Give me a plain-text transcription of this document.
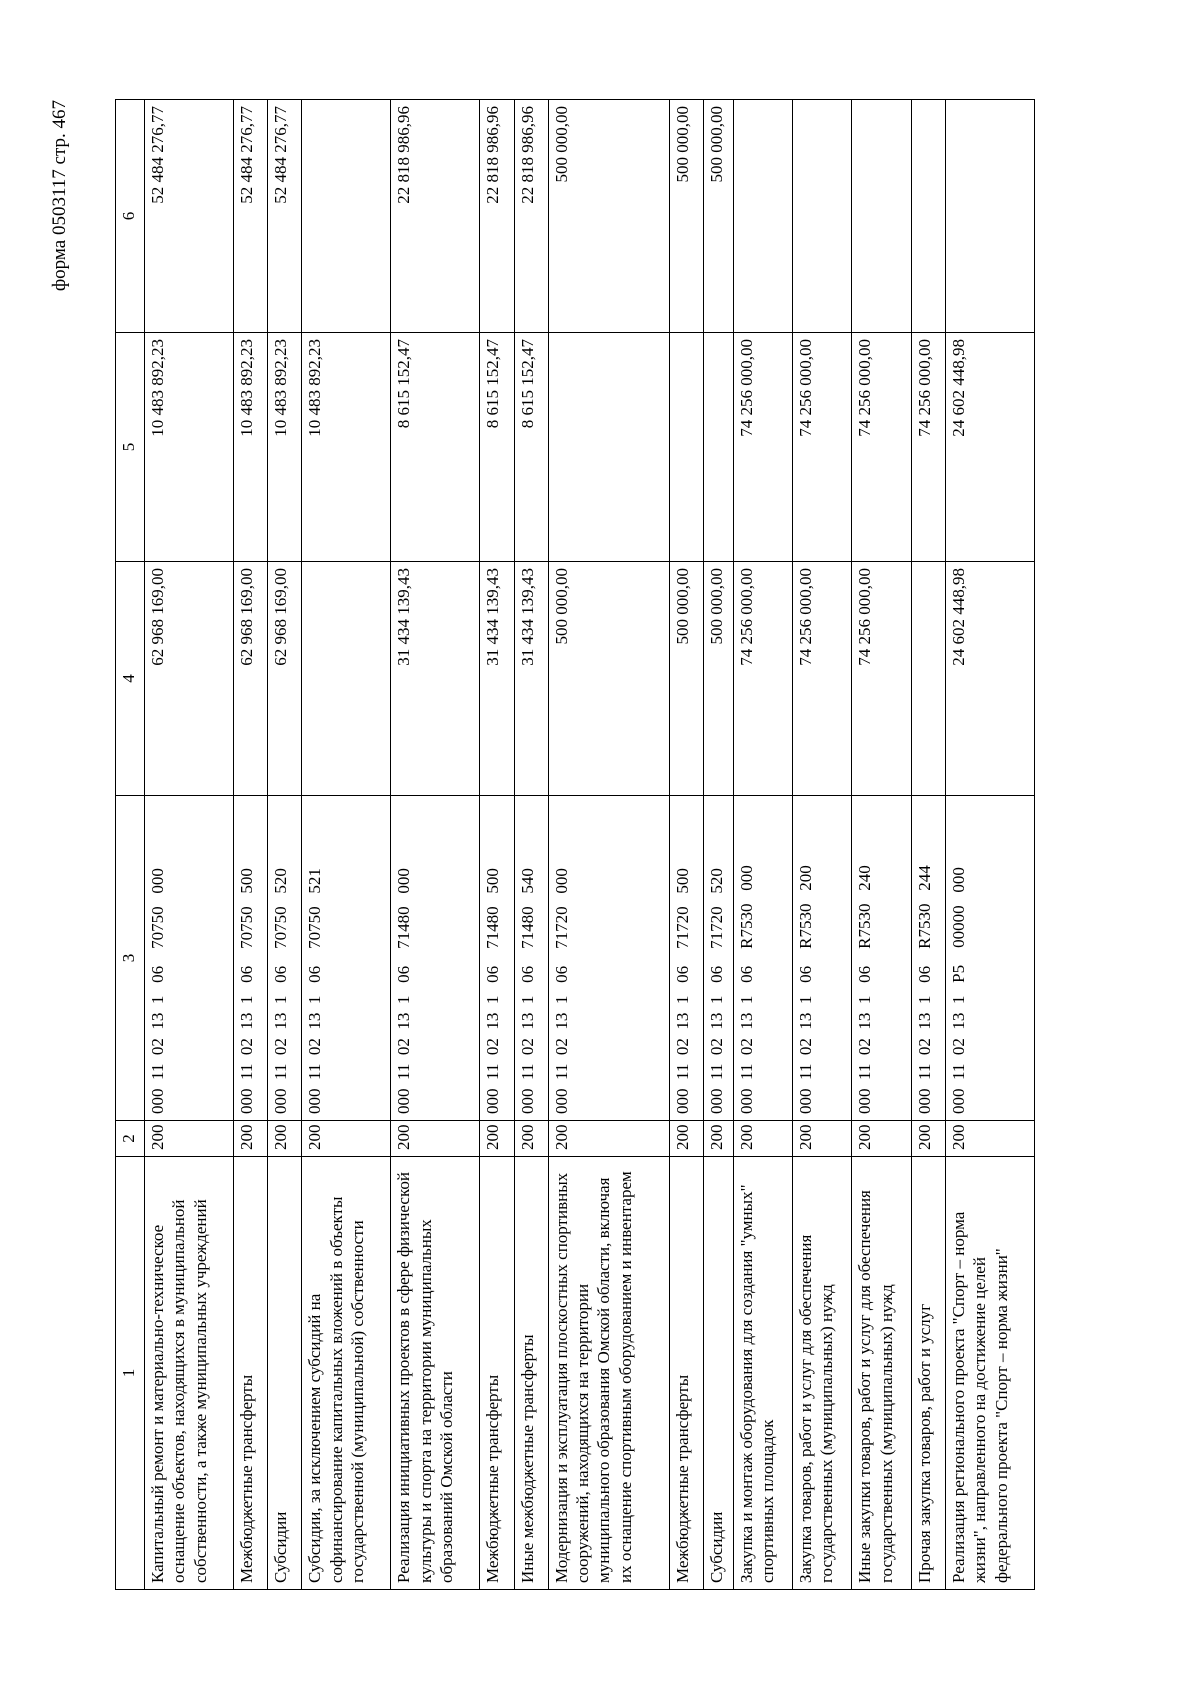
форма 0503117 стр. 467
1	2	3	4	5	6
Капитальный ремонт и материально-техническое оснащение объектов, находящихся в муниципальной собственности, а также муниципальных учреждений	200	000  11  02  13  1   06    70750   000	62 968 169,00	10 483 892,23	52 484 276,77
Межбюджетные трансферты	200	000  11  02  13  1   06    70750   500	62 968 169,00	10 483 892,23	52 484 276,77
Субсидии	200	000  11  02  13  1   06    70750   520	62 968 169,00	10 483 892,23	52 484 276,77
Субсидии, за исключением субсидий на софинансирование капитальных вложений в объекты государственной (муниципальной) собственности	200	000  11  02  13  1   06    70750   521		10 483 892,23	
Реализация инициативных проектов в сфере физической культуры и спорта на территории муниципальных образований Омской области	200	000  11  02  13  1   06    71480   000	31 434 139,43	8 615 152,47	22 818 986,96
Межбюджетные трансферты	200	000  11  02  13  1   06    71480   500	31 434 139,43	8 615 152,47	22 818 986,96
Иные межбюджетные трансферты	200	000  11  02  13  1   06    71480   540	31 434 139,43	8 615 152,47	22 818 986,96
Модернизация и эксплуатация плоскостных спортивных сооружений, находящихся на территории муниципального образования Омской области, включая их оснащение спортивным оборудованием и инвентарем	200	000  11  02  13  1   06    71720   000	500 000,00		500 000,00
Межбюджетные трансферты	200	000  11  02  13  1   06    71720   500	500 000,00		500 000,00
Субсидии	200	000  11  02  13  1   06    71720   520	500 000,00		500 000,00
Закупка и монтаж оборудования для создания "умных" спортивных площадок	200	000  11  02  13  1   06    R7530   000	74 256 000,00	74 256 000,00	
Закупка товаров, работ и услуг для обеспечения государственных (муниципальных) нужд	200	000  11  02  13  1   06    R7530   200	74 256 000,00	74 256 000,00	
Иные закупки товаров, работ и услуг для обеспечения государственных (муниципальных) нужд	200	000  11  02  13  1   06    R7530   240	74 256 000,00	74 256 000,00	
Прочая закупка товаров, работ и услуг	200	000  11  02  13  1   06    R7530   244		74 256 000,00	
Реализация регионального проекта "Спорт – норма жизни", направленного на достижение целей федерального проекта "Спорт – норма жизни"	200	000  11  02  13  1   P5    00000   000	24 602 448,98	24 602 448,98	
